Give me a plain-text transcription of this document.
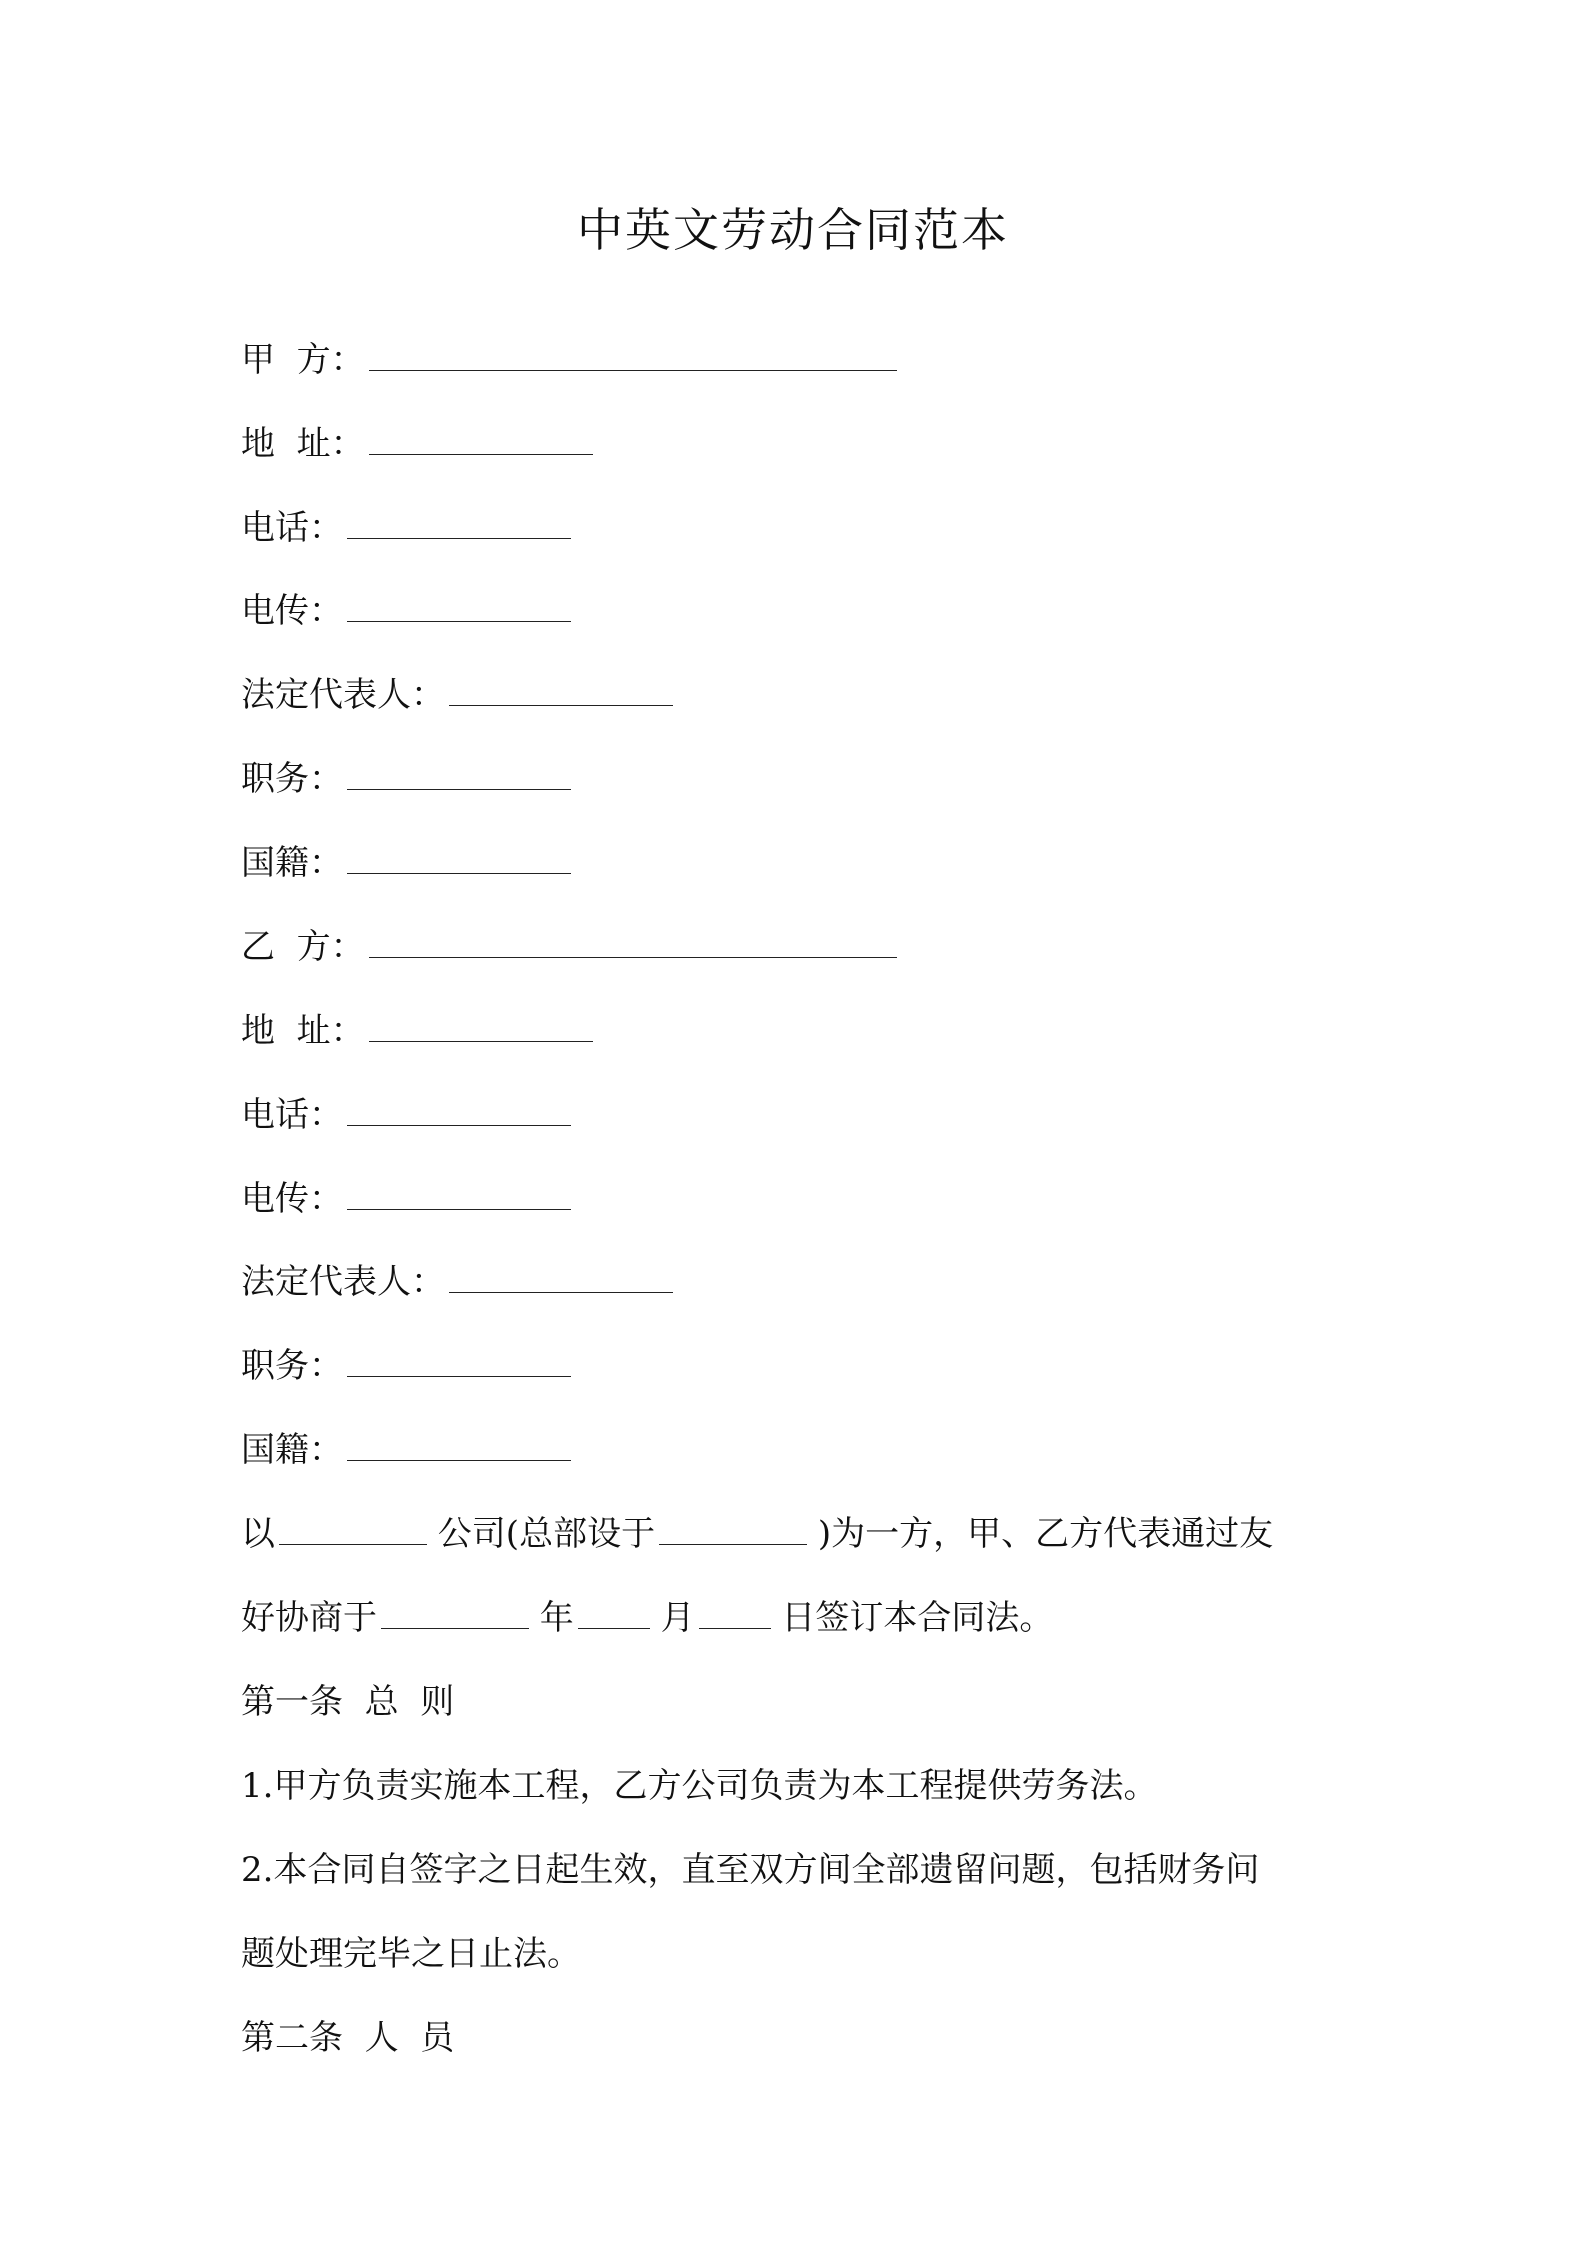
中英文劳动合同范本
甲  方：
地  址：
电话：
电传：
法定代表人：
职务：
国籍：
乙  方：
地  址：
电话：
电传：
法定代表人：
职务：
国籍：
以	公司(总部设于	)为一方，甲、乙方代表通过友
好协商于	年 月 日签订本合同法。
第一条  总  则
1.甲方负责实施本工程，乙方公司负责为本工程提供劳务法。
2.本合同自签字之日起生效，直至双方间全部遗留问题，包括财务问
题处理完毕之日止法。
第二条  人  员
